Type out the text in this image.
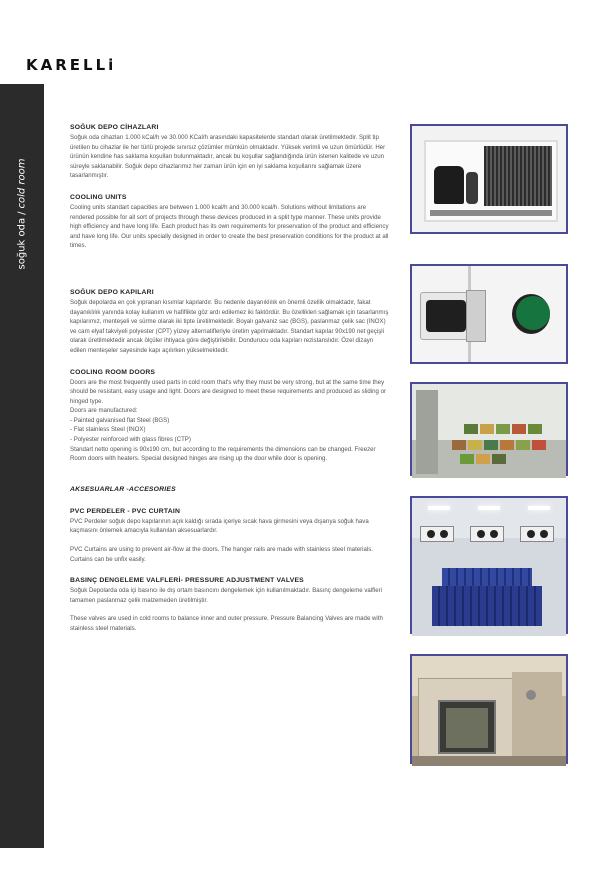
KARELLi
soğuk oda/cold room
132
SOĞUK DEPO CİHAZLARI

Soğuk oda cihazları 1.000 kCal/h ve 30.000 KCal/h arasındaki kapasitelerde standart olarak üretilmektedir. Split tip üretilen bu cihazlar ile her türlü projede sınırsız çözümler mümkün olmaktadır. Yüksek verimli ve uzun ömürlüdür. Her ürünün kendine has saklama koşulları bulunmaktadır, ancak bu koşullar sağlandığında ürün istenen kalitede ve uzun süreyle saklanabilir. Soğuk depo cihazlarımız her zaman ürün için en iyi saklama koşullarını sağlamak üzere tasarlanmıştır.

COOLING UNITS

Cooling units standart capacities are between 1.000 kcal/h and 30.000 kcal/h. Solutions without limitations are rendered possible for all sort of projects through these devices produced in a split type manner. These units provide high efficiency and have long life. Each product has its own requirements for preservation of the product and efficiency and have long life. Our units specially designed in order to create the best preservation conditions for the product at all times.

SOĞUK DEPO KAPILARI

Soğuk depolarda en çok yıpranan kısımlar kapılardır. Bu nedenle dayanıklılık en önemli özellik olmaktadır, fakat dayanıklılık yanında kolay kullanım ve hafiflikte göz ardı edilemez iki faktördür. Bu özellikleri sağlamak için tasarlanmış kapılarımız, menteşeli ve sürme olarak iki tipte üretilmektedir. Boyalı galvaniz sac (BGS), paslanmaz çelik sac (INOX) ve cam elyaf takviyeli polyester (CPT) yüzey alternatifleriyle üretim yapılmaktadır. Standart kapılar 90x190 net geçişli olarak üretilmektedir ancak ölçüler ihtiyaca göre değiştirilebilir. Dondurucu oda kapıları rezistanslıdır. Özel dizayn edilen menteşeler sayesinde kapı açılırken yükselmektedir.

COOLING ROOM DOORS

Doors are the most frequently used parts in cold room that's why they must be very strong, but at the same time they should be resistant, easy usage and light. Doors are designed to meet these requirements and produced as sliding or hinged type.

Doors are manufactured:

- Painted galvanised flat Steel (BGS)

- Flat stainless Steel (INOX)

- Polyester reinforced with glass fibres (CTP)

Standart netto opening is 90x190 cm, but according to the requirements the dimensions can be changed. Freezer Room doors with heaters. Special designed hinges are rising up the door while door is opening.

AKSESUARLAR -ACCESORIES
PVC PERDELER - PVC CURTAIN

PVC Perdeler soğuk depo kapılarının açık kaldığı sırada içeriye sıcak hava girmesini veya dışarıya soğuk hava kaçmasını önlemek amacıyla kullanılan aksesuarlardır.

PVC Curtains are using to prevent air-flow at the doors. The hanger rails are made with stainless steel materials. Curtains can be unfix easily.

BASINÇ DENGELEME VALFLERİ- PRESSURE ADJUSTMENT VALVES

Soğuk Depolarda oda içi basıncı ile dış ortam basıncını dengelemek için kullanılmaktadır. Basınç dengeleme valfleri tamamen paslanmaz çelik malzemeden üretilmiştir.

These valves are used in cold rooms to balance inner and outer pressure. Pressure Balancing Valves are made with stainless steel materials.
